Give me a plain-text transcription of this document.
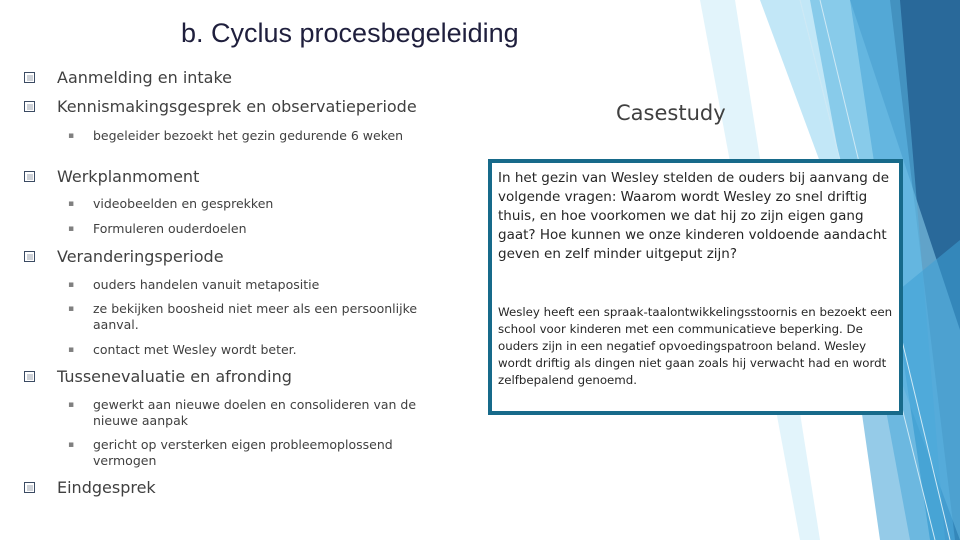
b. Cyclus procesbegeleiding
Aanmelding en intake
Kennismakingsgesprek en observatieperiode
▪ begeleider bezoekt het gezin gedurende 6 weken
Werkplanmoment
▪ videobeelden en gesprekken
▪ Formuleren ouderdoelen
Veranderingsperiode
▪ ouders handelen vanuit metapositie
▪ ze bekijken boosheid niet meer als een persoonlijke aanval.
▪ contact met Wesley wordt beter.
Tussenevaluatie en afronding
▪ gewerkt aan nieuwe doelen en consolideren van de nieuwe aanpak
▪ gericht op versterken eigen probleemoplossend vermogen
Eindgesprek
Casestudy
In het gezin van Wesley stelden de ouders bij aanvang de volgende vragen: Waarom wordt Wesley zo snel driftig thuis, en hoe voorkomen we dat hij zo zijn eigen gang gaat? Hoe kunnen we onze kinderen voldoende aandacht geven en zelf minder uitgeput zijn?
Wesley heeft een spraak-taalontwikkelingsstoornis en bezoekt een school voor kinderen met een communicatieve beperking. De ouders zijn in een negatief opvoedingspatroon beland. Wesley wordt driftig als dingen niet gaan zoals hij verwacht had en wordt zelfbepalend genoemd.
